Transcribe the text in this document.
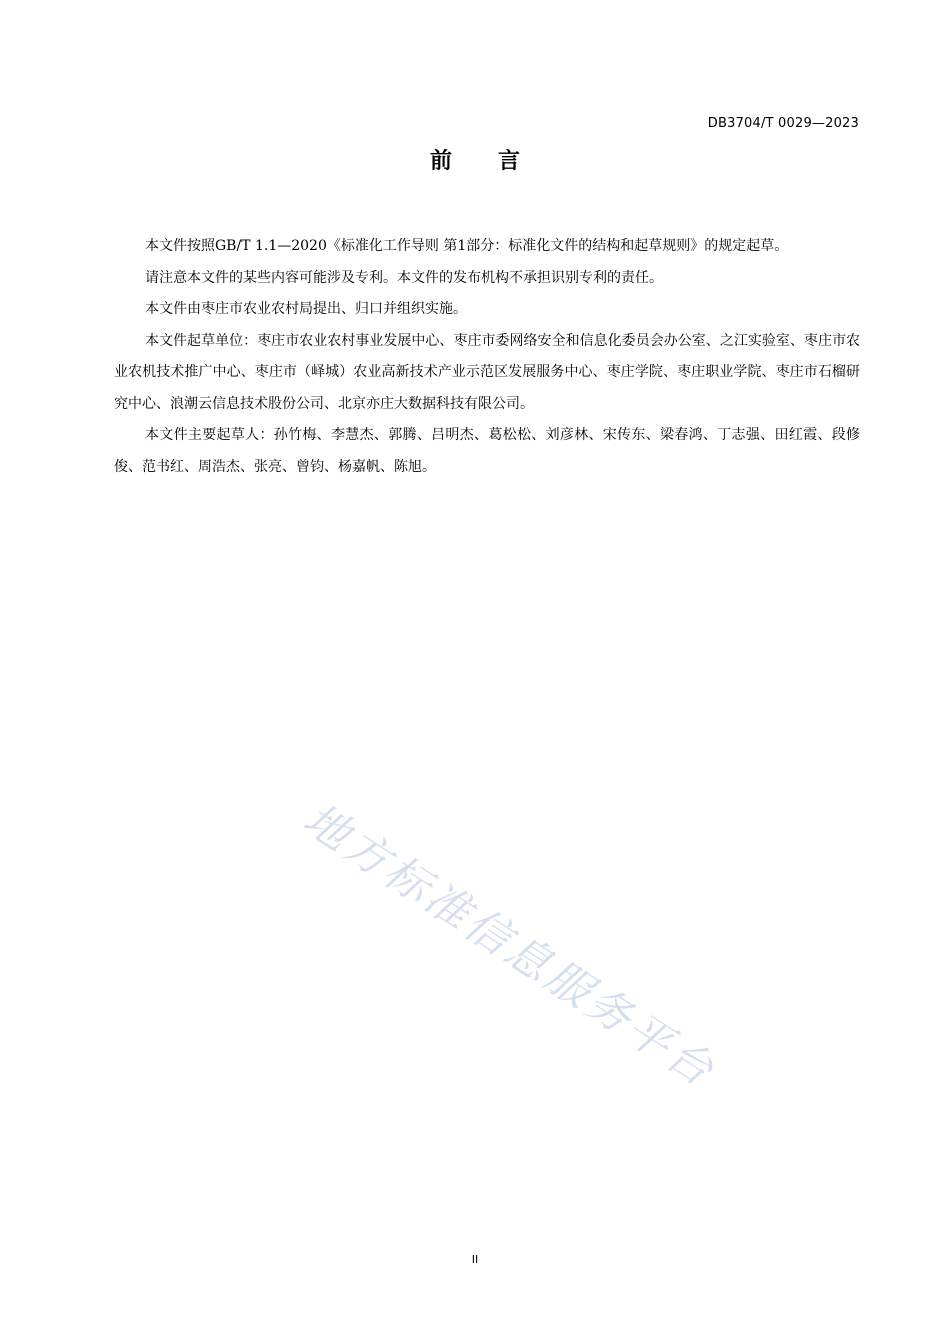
DB3704/T 0029—2023
前言

本文件按照GB/T 1.1—2020《标准化工作导则 第1部分：标准化文件的结构和起草规则》的规定起草。

请注意本文件的某些内容可能涉及专利。本文件的发布机构不承担识别专利的责任。

本文件由枣庄市农业农村局提出、归口并组织实施。

本文件起草单位：枣庄市农业农村事业发展中心、枣庄市委网络安全和信息化委员会办公室、之江实验室、枣庄市农业农机技术推广中心、枣庄市（峄城）农业高新技术产业示范区发展服务中心、枣庄学院、枣庄职业学院、枣庄市石榴研究中心、浪潮云信息技术股份公司、北京亦庄大数据科技有限公司。

本文件主要起草人：孙竹梅、李慧杰、郭腾、吕明杰、葛松松、刘彦林、宋传东、梁春鸿、丁志强、田红霞、段修俊、范书红、周浩杰、张亮、曾钧、杨嘉帆、陈旭。

地方标准信息服务平台
II
